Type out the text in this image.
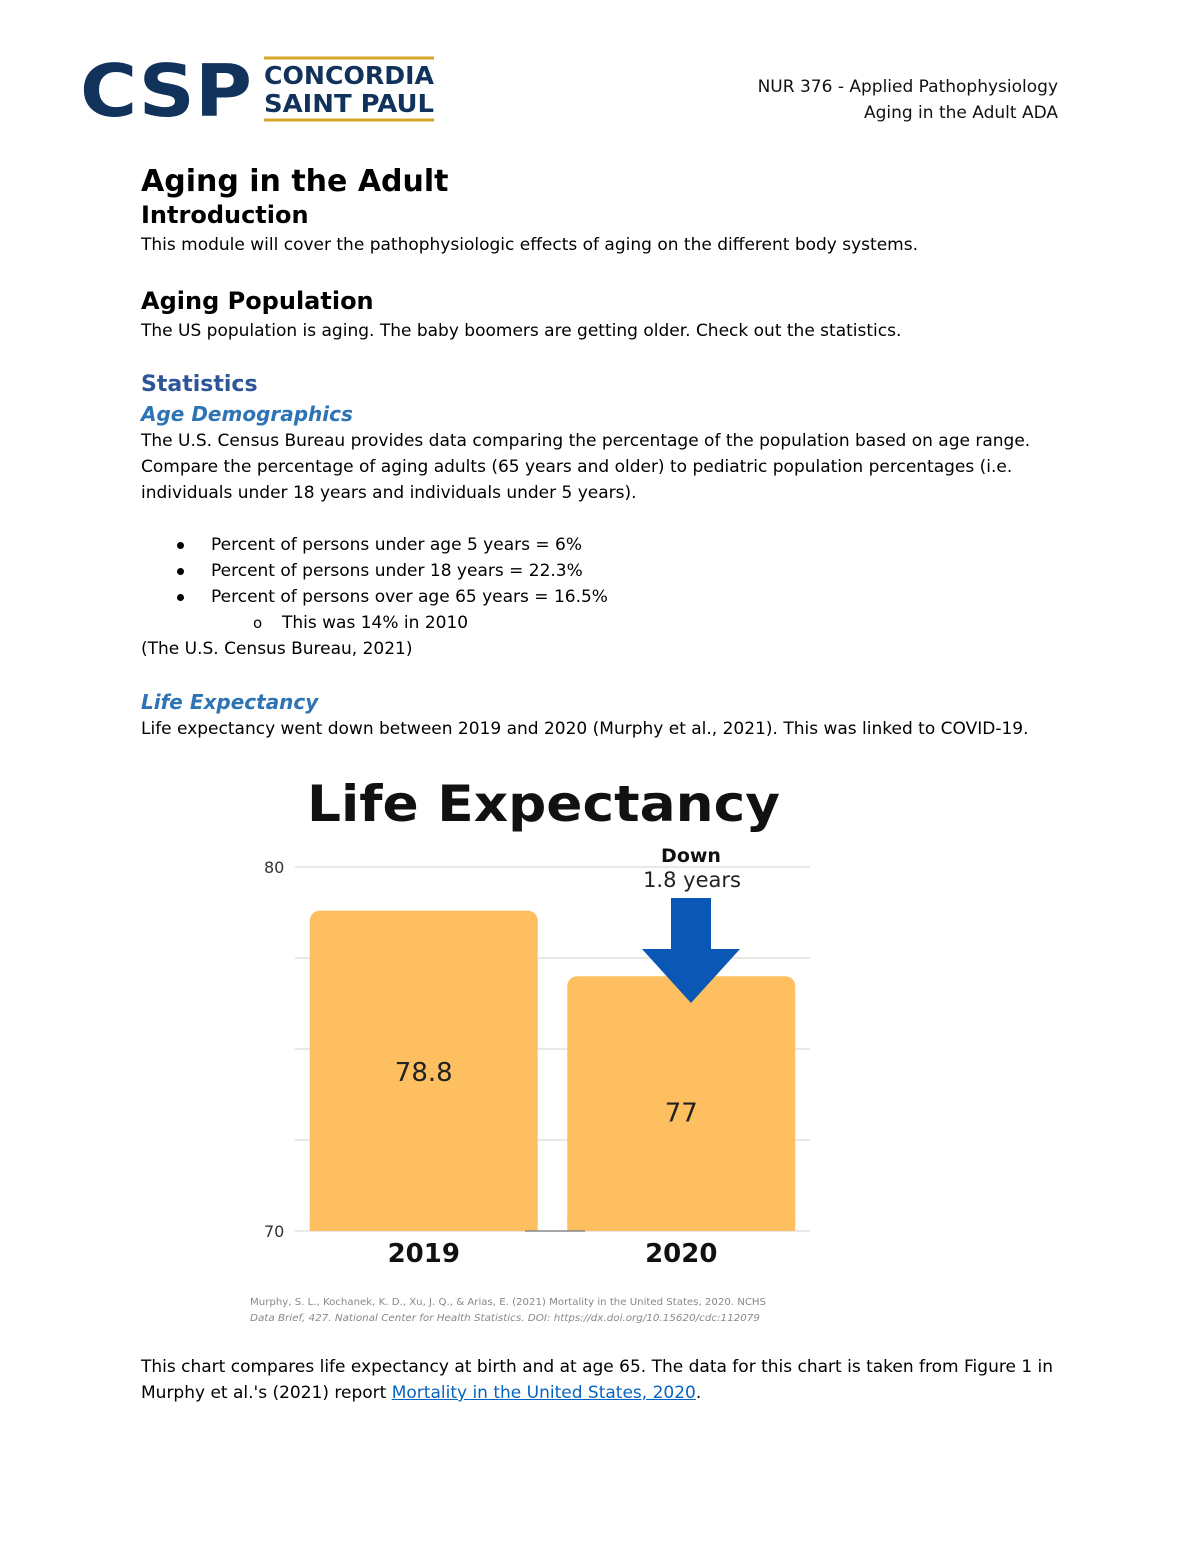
CSP CONCORDIA
SAINT PAUL
NUR 376 - Applied Pathophysiology
Aging in the Adult ADA
Aging in the Adult
Introduction

This module will cover the pathophysiologic effects of aging on the different body systems.

Aging Population

The US population is aging. The baby boomers are getting older. Check out the statistics.

Statistics
Age Demographics

The U.S. Census Bureau provides data comparing the percentage of the population based on age range. Compare the percentage of aging adults (65 years and older) to pediatric population percentages (i.e. individuals under 18 years and individuals under 5 years).

Percent of persons under age 5 years = 6%
Percent of persons under 18 years = 22.3%
Percent of persons over age 65 years = 16.5%
o This was 14% in 2010

(The U.S. Census Bureau, 2021)

Life Expectancy

Life expectancy went down between 2019 and 2020 (Murphy et al., 2021). This was linked to COVID-19.

This chart compares life expectancy at birth and at age 65. The data for this chart is taken from Figure 1 in Murphy et al.'s (2021) report Mortality in the United States, 2020.

Life Expectancy
80
70
78.8
2019
77
2020
Down
1.8 years
Murphy, S. L., Kochanek, K. D., Xu, J. Q., & Arias, E. (2021) Mortality in the United States, 2020. NCHS
Data Brief, 427. National Center for Health Statistics. DOI: https://dx.doi.org/10.15620/cdc:112079
